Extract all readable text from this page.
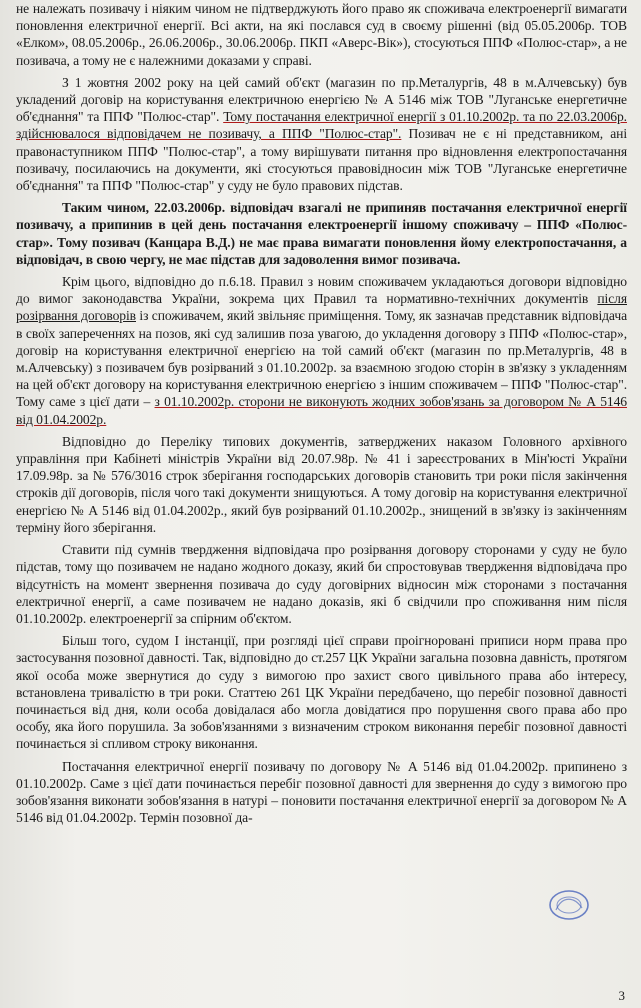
не належать позивачу і ніяким чином не підтверджують його право як споживача електроенергії вимагати поновлення електричної енергії. Всі акти, на які послався суд в своєму рішенні (від 05.05.2006р. ТОВ «Елком», 08.05.2006р., 26.06.2006р., 30.06.2006р. ПКП «Аверс-Вік»), стосуються ППФ «Полюс-стар», а не позивача, а тому не є належними доказами у справі.

З 1 жовтня 2002 року на цей самий об'єкт (магазин по пр.Металургів, 48 в м.Алчевську) був укладений договір на користування електричною енергією № А 5146 між ТОВ "Луганське енергетичне об'єднання" та ППФ "Полюс-стар". Тому постачання електричної енергії з 01.10.2002р. та по 22.03.2006р. здійснювалося відповідачем не позивачу, а ППФ "Полюс-стар". Позивач не є ні представником, ані правонаступником ППФ "Полюс-стар", а тому вирішувати питання про відновлення електропостачання позивачу, посилаючись на документи, які стосуються правовідносин між ТОВ "Луганське енергетичне об'єднання" та ППФ "Полюс-стар" у суду не було правових підстав.

Таким чином, 22.03.2006р. відповідач взагалі не припиняв постачання електричної енергії позивачу, а припинив в цей день постачання електроенергії іншому споживачу – ППФ «Полюс-стар». Тому позивач (Канцара В.Д.) не має права вимагати поновлення йому електропостачання, а відповідач, в свою чергу, не має підстав для задоволення вимог позивача.

Крім цього, відповідно до п.6.18. Правил з новим споживачем укладаються договори відповідно до вимог законодавства України, зокрема цих Правил та нормативно-технічних документів після розірвання договорів із споживачем, який звільняє приміщення. Тому, як зазначав представник відповідача в своїх запереченнях на позов, які суд залишив поза увагою, до укладення договору з ППФ «Полюс-стар», договір на користування електричної енергією на той самий об'єкт (магазин по пр.Металургів, 48 в м.Алчевську) з позивачем був розірваний з 01.10.2002р. за взаємною згодою сторін в зв'язку з укладенням на цей об'єкт договору на користування електричною енергією з іншим споживачем – ППФ "Полюс-стар". Тому саме з цієї дати – з 01.10.2002р. сторони не виконують жодних зобов'язань за договором № А 5146 від 01.04.2002р.

Відповідно до Переліку типових документів, затверджених наказом Головного архівного управління при Кабінеті міністрів України від 20.07.98р. № 41 і зареєстрованих в Мін'юсті України 17.09.98р. за № 576/3016 строк зберігання господарських договорів становить три роки після закінчення строків дії договорів, після чого такі документи знищуються. А тому договір на користування електричної енергією № А 5146 від 01.04.2002р., який був розірваний 01.10.2002р., знищений в зв'язку із закінченням терміну його зберігання.

Ставити під сумнів твердження відповідача про розірвання договору сторонами у суду не було підстав, тому що позивачем не надано жодного доказу, який би спростовував твердження відповідача про відсутність на момент звернення позивача до суду договірних відносин між сторонами з постачання електричної енергії, а саме позивачем не надано доказів, які б свідчили про споживання ним після 01.10.2002р. електроенергії за спірним об'єктом.

Більш того, судом І інстанції, при розгляді цієї справи проігноровані приписи норм права про застосування позовної давності. Так, відповідно до ст.257 ЦК України загальна позовна давність, протягом якої особа може звернутися до суду з вимогою про захист свого цивільного права або інтересу, встановлена тривалістю в три роки. Статтею 261 ЦК України передбачено, що перебіг позовної давності починається від дня, коли особа довідалася або могла довідатися про порушення свого права або про особу, яка його порушила. За зобов'язаннями з визначеним строком виконання перебіг позовної давності починається зі спливом строку виконання.

Постачання електричної енергії позивачу по договору № А 5146 від 01.04.2002р. припинено з 01.10.2002р. Саме з цієї дати починається перебіг позовної давності для звернення до суду з вимогою про зобов'язання виконати зобов'язання в натурі – поновити постачання електричної енергії за договором № А 5146 від 01.04.2002р. Термін позовної да-

3
